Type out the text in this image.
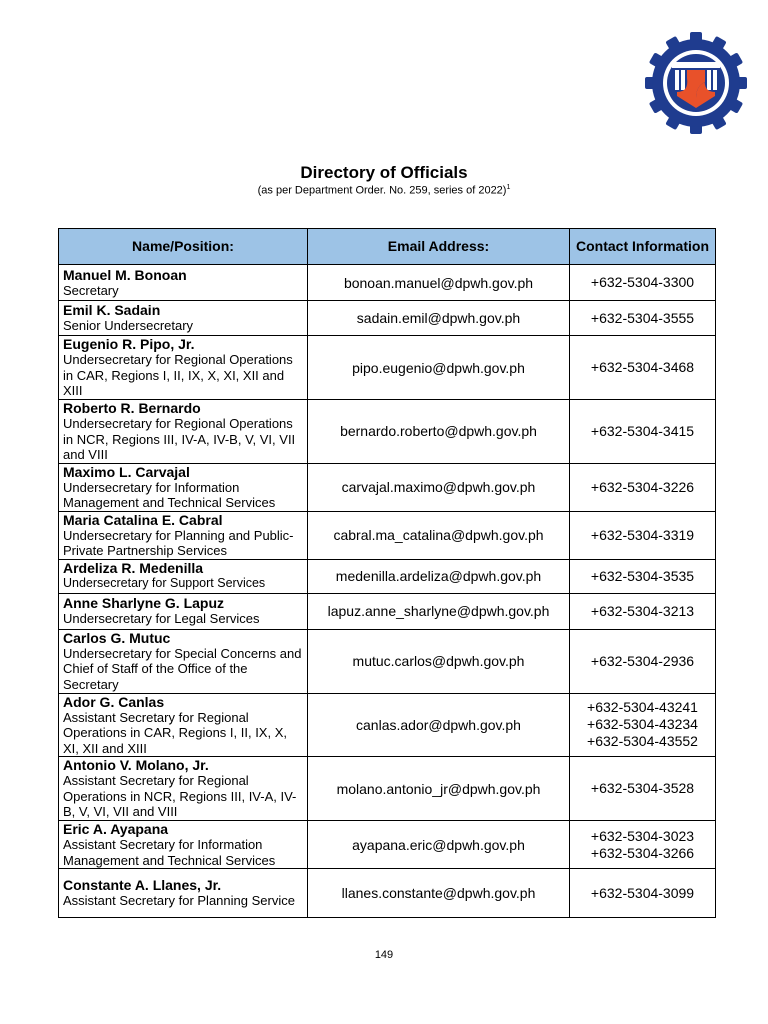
Directory of Officials
(as per Department Order. No. 259, series of 2022)$^1$
Name/Position:	Email Address:	Contact Information

Manuel M. Bonoan
Secretary	bonoan.manuel@dpwh.gov.ph	+632-5304-3300

Emil K. Sadain
Senior Undersecretary	sadain.emil@dpwh.gov.ph	+632-5304-3555

Eugenio R. Pipo, Jr.
Undersecretary for Regional Operations in CAR, Regions I, II, IX, X, XI, XII and XIII	pipo.eugenio@dpwh.gov.ph	+632-5304-3468

Roberto R. Bernardo
Undersecretary for Regional Operations in NCR, Regions III, IV-A, IV-B, V, VI, VII and VIII	bernardo.roberto@dpwh.gov.ph	+632-5304-3415

Maximo L. Carvajal
Undersecretary for Information Management and Technical Services	carvajal.maximo@dpwh.gov.ph	+632-5304-3226

Maria Catalina E. Cabral
Undersecretary for Planning and Public-Private Partnership Services	cabral.ma_catalina@dpwh.gov.ph	+632-5304-3319

Ardeliza R. Medenilla
Undersecretary for Support Services	medenilla.ardeliza@dpwh.gov.ph	+632-5304-3535

Anne Sharlyne G. Lapuz
Undersecretary for Legal Services	lapuz.anne_sharlyne@dpwh.gov.ph	+632-5304-3213

Carlos G. Mutuc
Undersecretary for Special Concerns and Chief of Staff of the Office of the Secretary	mutuc.carlos@dpwh.gov.ph	+632-5304-2936

Ador G. Canlas
Assistant Secretary for Regional Operations in CAR, Regions I, II, IX, X, XI, XII and XIII	canlas.ador@dpwh.gov.ph	+632-5304-43241
+632-5304-43234
+632-5304-43552

Antonio V. Molano, Jr.
Assistant Secretary for Regional Operations in NCR, Regions III, IV-A, IV-B, V, VI, VII and VIII	molano.antonio_jr@dpwh.gov.ph	+632-5304-3528

Eric A. Ayapana
Assistant Secretary for Information Management and Technical Services	ayapana.eric@dpwh.gov.ph	+632-5304-3023
+632-5304-3266

Constante A. Llanes, Jr.
Assistant Secretary for Planning Service	llanes.constante@dpwh.gov.ph	+632-5304-3099
149
